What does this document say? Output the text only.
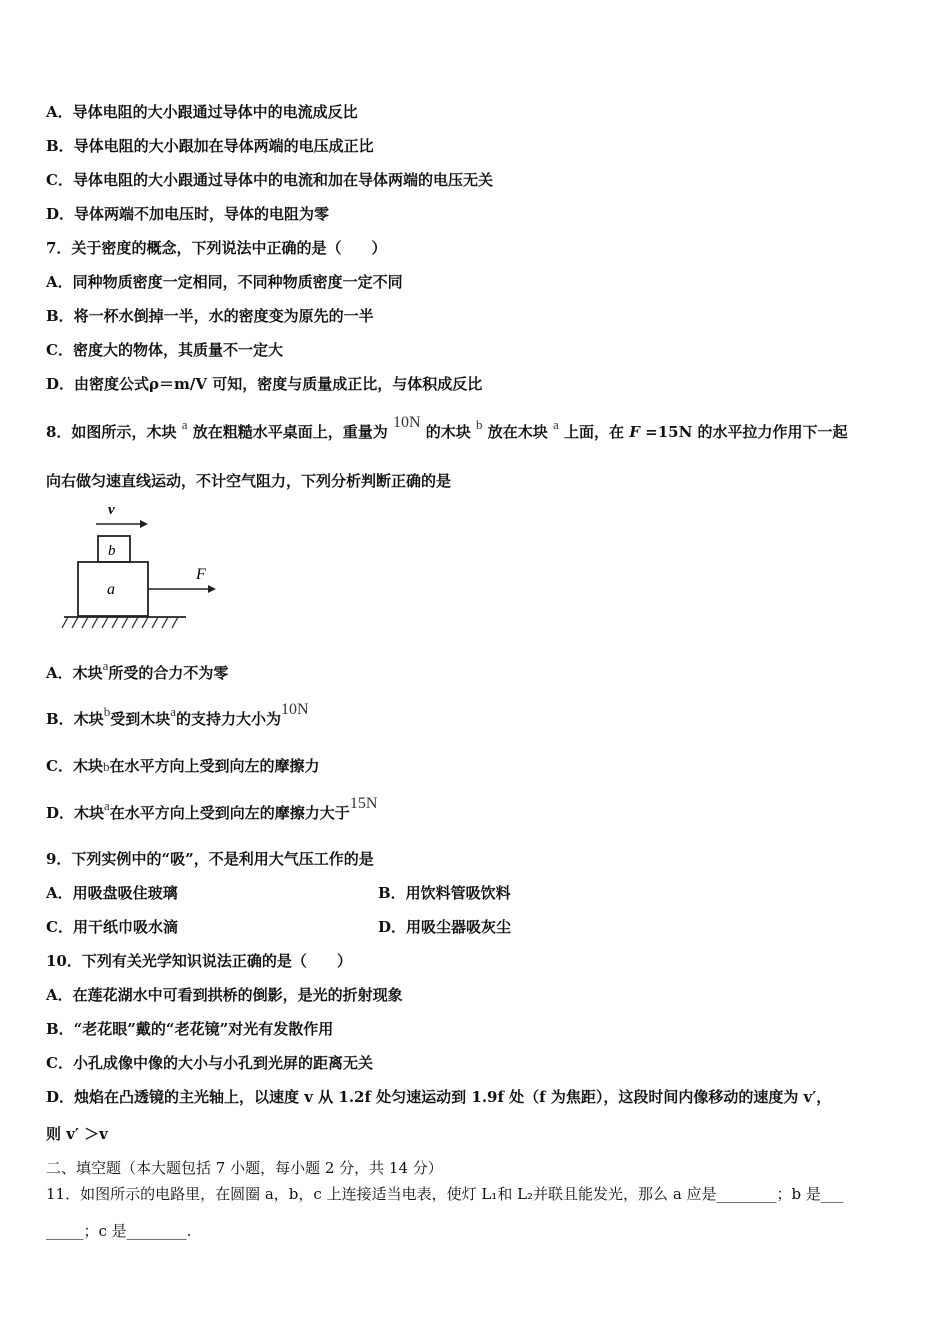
A．导体电阻的大小跟通过导体中的电流成反比
B．导体电阻的大小跟加在导体两端的电压成正比
C．导体电阻的大小跟通过导体中的电流和加在导体两端的电压无关
D．导体两端不加电压时，导体的电阻为零
7．关于密度的概念，下列说法中正确的是（　　）
A．同种物质密度一定相同，不同种物质密度一定不同
B．将一杯水倒掉一半，水的密度变为原先的一半
C．密度大的物体，其质量不一定大
D．由密度公式ρ＝m/V 可知，密度与质量成正比，与体积成反比
8．如图所示，木块 a 放在粗糙水平桌面上，重量为 10N 的木块 b 放在木块 a 上面，在 F =15N 的水平拉力作用下一起
向右做匀速直线运动，不计空气阻力，下列分析判断正确的是
v
b
a
F
A．木块a所受的合力不为零
B．木块b受到木块a的支持力大小为10N
C．木块b在水平方向上受到向左的摩擦力
D．木块a在水平方向上受到向左的摩擦力大于15N
9．下列实例中的“吸”，不是利用大气压工作的是
A．用吸盘吸住玻璃	B．用饮料管吸饮料
C．用干纸巾吸水滴	D．用吸尘器吸灰尘
10．下列有关光学知识说法正确的是（　　）
A．在莲花湖水中可看到拱桥的倒影，是光的折射现象
B．“老花眼”戴的“老花镜”对光有发散作用
C．小孔成像中像的大小与小孔到光屏的距离无关
D．烛焰在凸透镜的主光轴上，以速度 v 从 1.2f 处匀速运动到 1.9f 处（f 为焦距），这段时间内像移动的速度为 v′，
则 v′ ＞v
二、填空题（本大题包括 7 小题，每小题 2 分，共 14 分）
11．如图所示的电路里，在圆圈 a，b，c 上连接适当电表，使灯 L₁和 L₂并联且能发光，那么 a 应是________；b 是___
_____；c 是________.
